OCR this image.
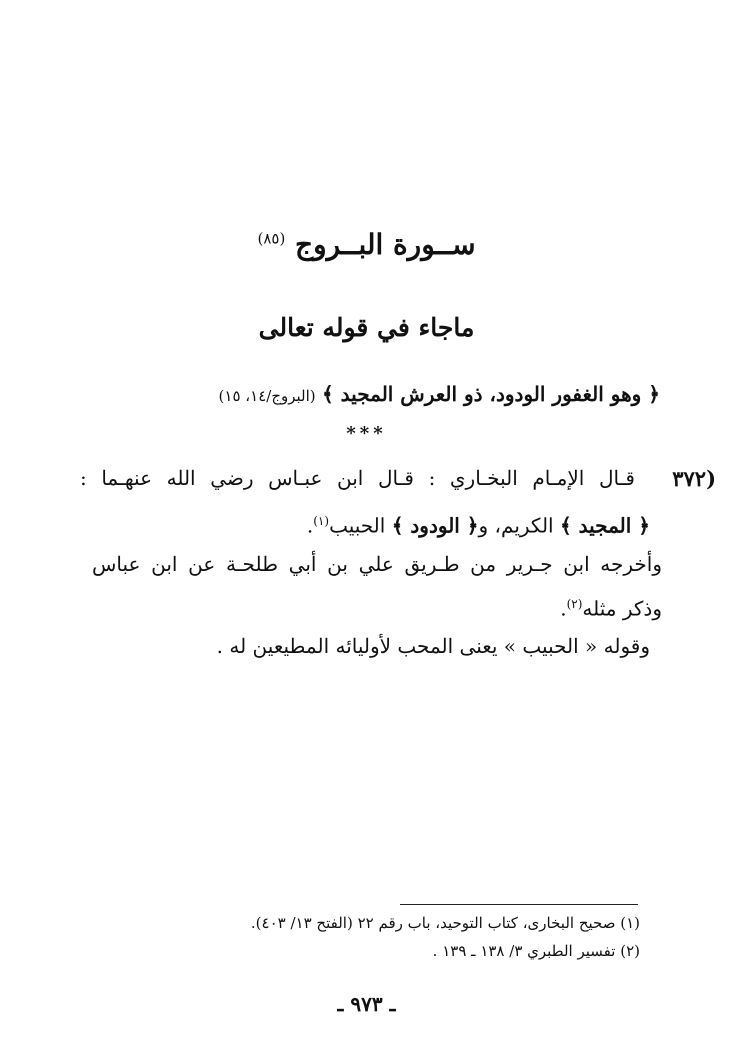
ســورة البــروج $^{(٨٥)}$
ماجاء في قوله تعالى
﴿ وهو الغفور الودود، ذو العرش المجيد ﴾ (البروج/١٤، ١٥)
***
(٣٧٢
قـال الإمـام البخـاري : قـال ابن عبـاس رضي الله عنهـما :
﴿ المجيد ﴾ الكريم، و﴿ الودود ﴾ الحبيب$^{(١)}$.
وأخرجه ابن جـرير من طـريق علي بن أبي طلحـة عن ابن عباس
وذكر مثله$^{(٢)}$.
وقوله « الحبيب » يعنى المحب لأوليائه المطيعين له .
(١) صحيح البخارى، كتاب التوحيد، باب رقم ٢٢ (الفتح ١٣/ ٤٠٣).
(٢) تفسير الطبري ٣/ ١٣٨ ـ ١٣٩ .
ـ ٩٧٣ ـ
